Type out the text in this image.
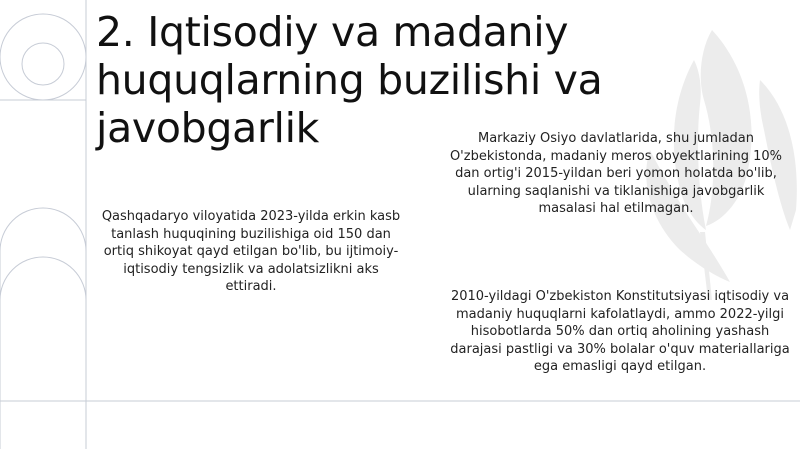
2. Iqtisodiy va madaniy huquqlarning buzilishi va javobgarlik

Qashqadaryo viloyatida 2023-yilda erkin kasb tanlash huquqining buzilishiga oid 150 dan ortiq shikoyat qayd etilgan bo'lib, bu ijtimoiy-iqtisodiy tengsizlik va adolatsizlikni aks ettiradi.

Markaziy Osiyo davlatlarida, shu jumladan O'zbekistonda, madaniy meros obyektlarining 10% dan ortig'i 2015-yildan beri yomon holatda bo'lib, ularning saqlanishi va tiklanishiga javobgarlik masalasi hal etilmagan.

2010-yildagi O'zbekiston Konstitutsiyasi iqtisodiy va madaniy huquqlarni kafolatlaydi, ammo 2022-yilgi hisobotlarda 50% dan ortiq aholining yashash darajasi pastligi va 30% bolalar o'quv materiallariga ega emasligi qayd etilgan.
